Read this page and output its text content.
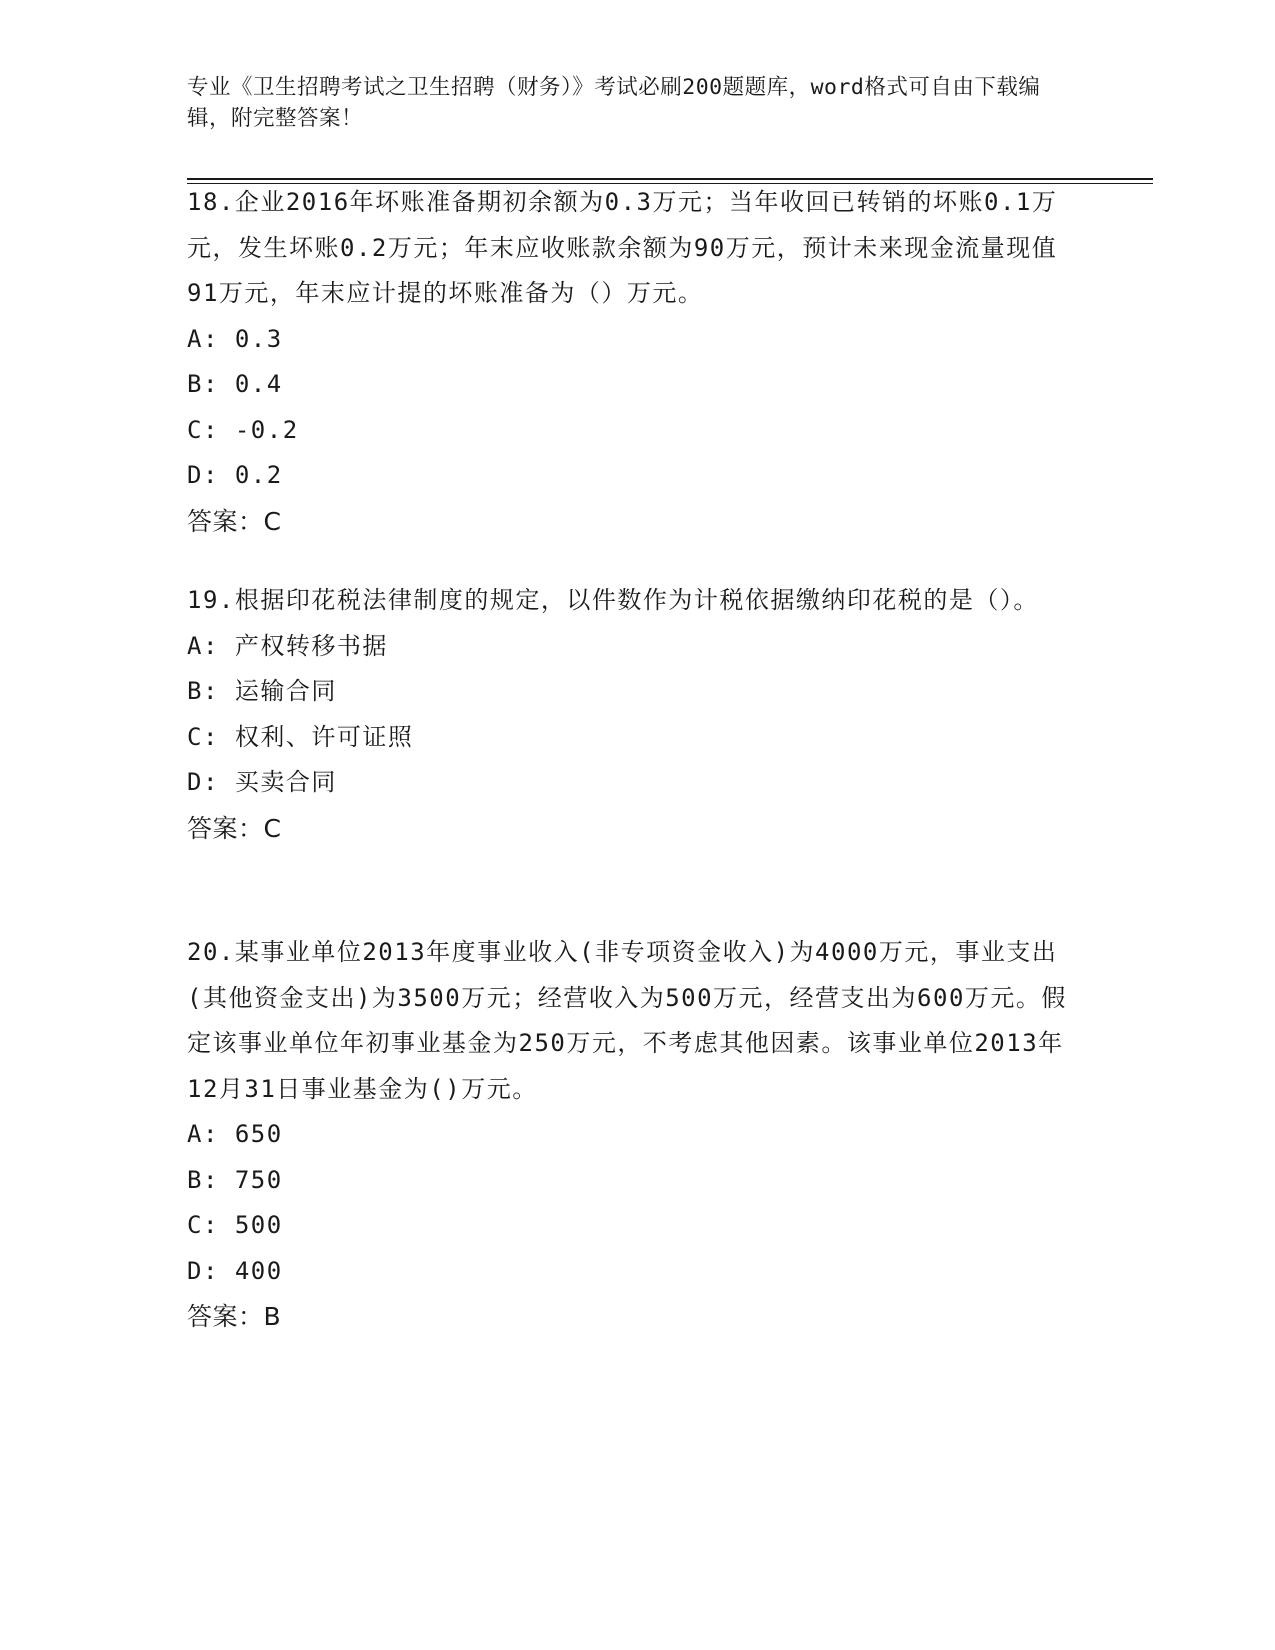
专业《卫生招聘考试之卫生招聘（财务）》考试必刷200题题库，word格式可自由下载编辑，附完整答案！

18.企业2016年坏账准备期初余额为0.3万元；当年收回已转销的坏账0.1万元，发生坏账0.2万元；年末应收账款余额为90万元，预计未来现金流量现值91万元，年末应计提的坏账准备为（）万元。

A: 0.3

B: 0.4

C: -0.2

D: 0.2

答案：C

19.根据印花税法律制度的规定，以件数作为计税依据缴纳印花税的是（）。

A: 产权转移书据

B: 运输合同

C: 权利、许可证照

D: 买卖合同

答案：C

20.某事业单位2013年度事业收入(非专项资金收入)为4000万元，事业支出(其他资金支出)为3500万元；经营收入为500万元，经营支出为600万元。假定该事业单位年初事业基金为250万元，不考虑其他因素。该事业单位2013年12月31日事业基金为()万元。

A: 650

B: 750

C: 500

D: 400

答案：B
